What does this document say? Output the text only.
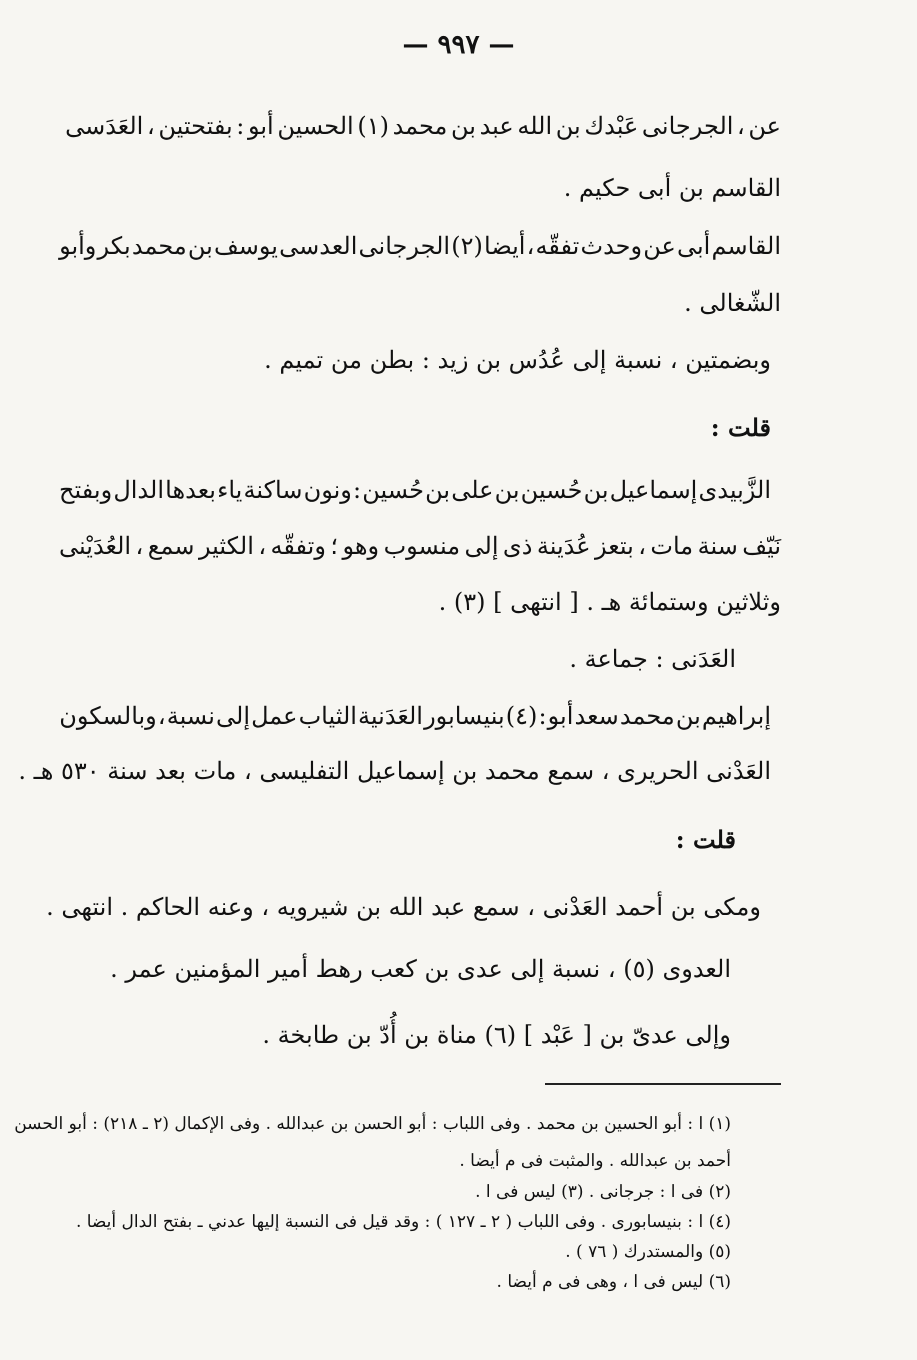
— ٩٩٧ —
العَدَسى ، بفتحتين : أبو الحسين (١) محمد بن عبد الله بن عَبْدك الجرجانى ، عن
القاسم بن أبى حكيم .
وأبو بكر محمد بن يوسف العدسى الجرجانى (٢) أيضا ، تفقّه وحدث عن أبى القاسم
الشّغالى .
وبضمتين ، نسبة إلى عُدُس بن زيد : بطن من تميم .
قلت :
وبفتح الدال بعدها ياء ساكنة ونون : حُسين بن على بن حُسين بن إسماعيل الزَّبيدى
العُدَيْنى ، سمع الكثير ، وتفقّه ؛ وهو منسوب إلى ذى عُدَينة بتعز ، مات سنة نَيّف
وثلاثين وستمائة هـ . [ انتهى ] (٣) .
العَدَنى : جماعة .
وبالسكون ، نسبة إلى عمل الثياب العَدَنية بنيسابور (٤) : أبو سعد محمد بن إبراهيم
العَدْنى الحريرى ، سمع محمد بن إسماعيل التفليسى ، مات بعد سنة ٥٣٠ هـ .
قلت :
ومكى بن أحمد العَدْنى ، سمع عبد الله بن شيرويه ، وعنه الحاكم . انتهى .
العدوى (٥) ، نسبة إلى عدى بن كعب رهط أمير المؤمنين عمر .
وإلى عدىّ بن [ عَبْد ] (٦) مناة بن أُدّ بن طابخة .
(١) ا : أبو الحسين بن محمد . وفى اللباب : أبو الحسن بن عبدالله . وفى الإكمال (٢ ـ ٢١٨) : أبو الحسن
أحمد بن عبدالله . والمثبت فى م أيضا .
(٢) فى ا : جرجانى . (٣) ليس فى ا .
(٤) ا : بنيسابورى . وفى اللباب ( ٢ ـ ١٢٧ ) : وقد قيل فى النسبة إليها عدني ـ بفتح الدال أيضا .
(٥) والمستدرك ( ٧٦ ) .
(٦) ليس فى ا ، وهى فى م أيضا .
